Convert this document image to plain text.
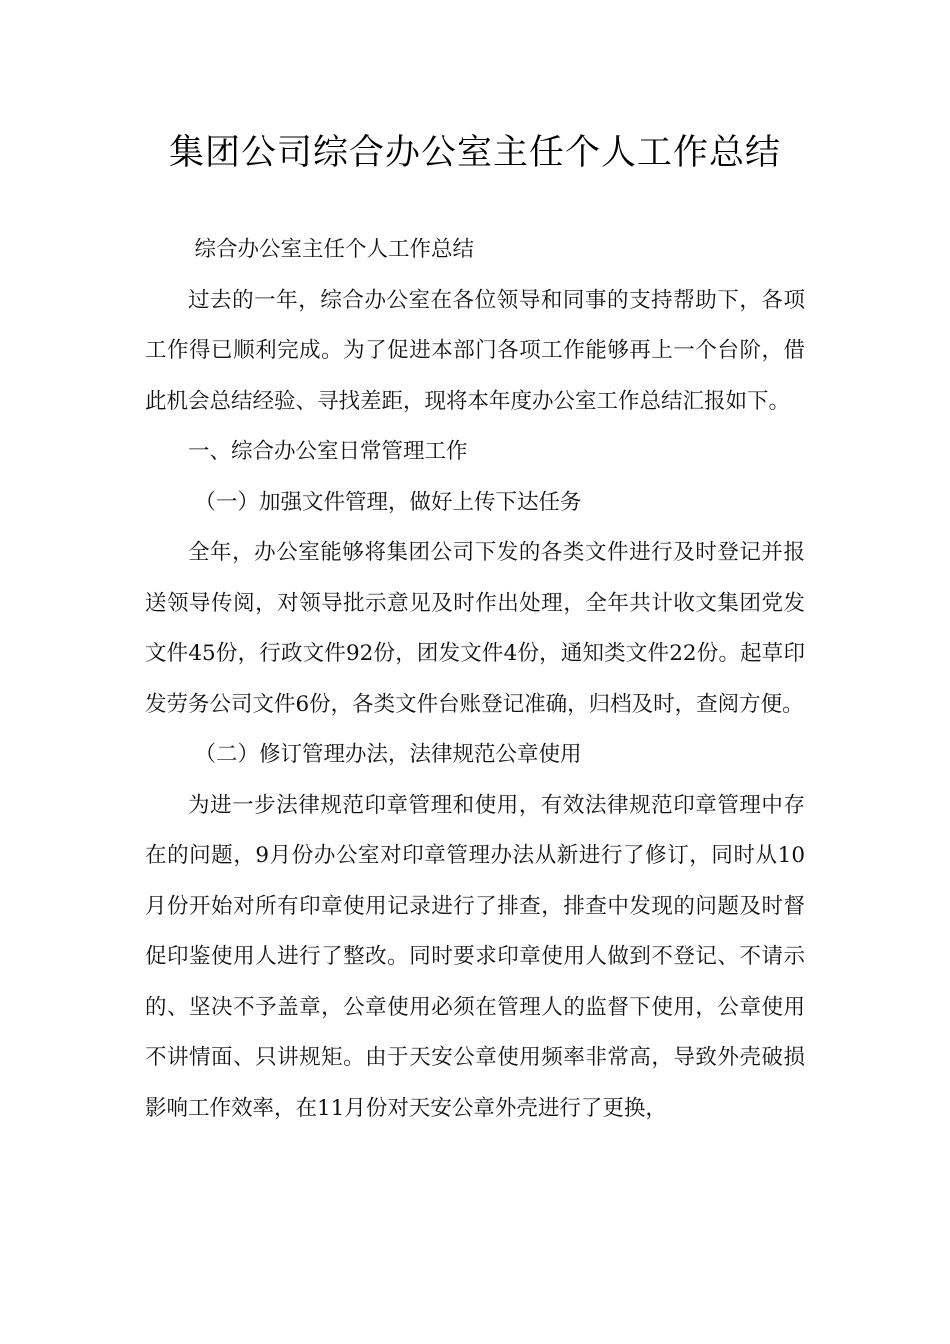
集团公司综合办公室主任个人工作总结

综合办公室主任个人工作总结

过去的一年，综合办公室在各位领导和同事的支持帮助下，各项工作得已顺利完成。为了促进本部门各项工作能够再上一个台阶，借此机会总结经验、寻找差距，现将本年度办公室工作总结汇报如下。

一、综合办公室日常管理工作

（一）加强文件管理，做好上传下达任务

全年，办公室能够将集团公司下发的各类文件进行及时登记并报送领导传阅，对领导批示意见及时作出处理，全年共计收文集团党发文件45份，行政文件92份，团发文件4份，通知类文件22份。起草印发劳务公司文件6份，各类文件台账登记准确，归档及时，查阅方便。

（二）修订管理办法，法律规范公章使用

为进一步法律规范印章管理和使用，有效法律规范印章管理中存在的问题，9月份办公室对印章管理办法从新进行了修订，同时从10月份开始对所有印章使用记录进行了排查，排查中发现的问题及时督促印鉴使用人进行了整改。同时要求印章使用人做到不登记、不请示的、坚决不予盖章，公章使用必须在管理人的监督下使用，公章使用不讲情面、只讲规矩。由于天安公章使用频率非常高，导致外壳破损影响工作效率，在11月份对天安公章外壳进行了更换，
